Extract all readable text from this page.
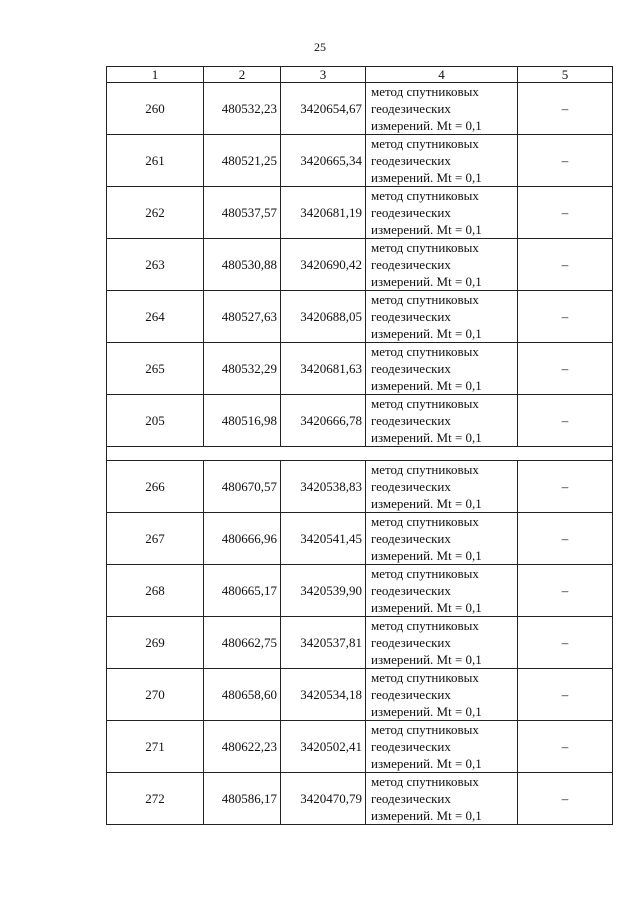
25
1	2	3	4	5
260	480532,23	3420654,67	метод спутниковых
геодезических
измерений. Mt = 0,1	–
261	480521,25	3420665,34	метод спутниковых
геодезических
измерений. Mt = 0,1	–
262	480537,57	3420681,19	метод спутниковых
геодезических
измерений. Mt = 0,1	–
263	480530,88	3420690,42	метод спутниковых
геодезических
измерений. Mt = 0,1	–
264	480527,63	3420688,05	метод спутниковых
геодезических
измерений. Mt = 0,1	–
265	480532,29	3420681,63	метод спутниковых
геодезических
измерений. Mt = 0,1	–
205	480516,98	3420666,78	метод спутниковых
геодезических
измерений. Mt = 0,1	–

266	480670,57	3420538,83	метод спутниковых
геодезических
измерений. Mt = 0,1	–
267	480666,96	3420541,45	метод спутниковых
геодезических
измерений. Mt = 0,1	–
268	480665,17	3420539,90	метод спутниковых
геодезических
измерений. Mt = 0,1	–
269	480662,75	3420537,81	метод спутниковых
геодезических
измерений. Mt = 0,1	–
270	480658,60	3420534,18	метод спутниковых
геодезических
измерений. Mt = 0,1	–
271	480622,23	3420502,41	метод спутниковых
геодезических
измерений. Mt = 0,1	–
272	480586,17	3420470,79	метод спутниковых
геодезических
измерений. Mt = 0,1	–
